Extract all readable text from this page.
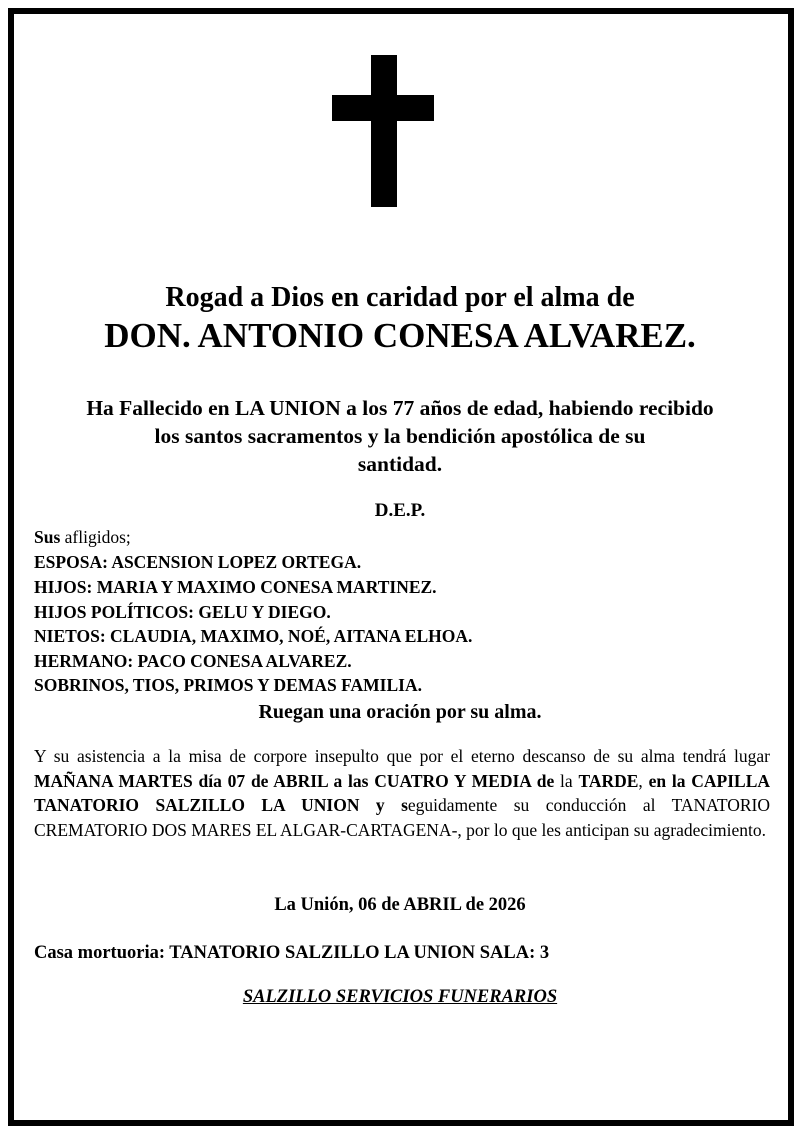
Rogad a Dios en caridad por el alma de
DON. ANTONIO CONESA ALVAREZ.
Ha Fallecido en LA UNION a los 77 años de edad, habiendo recibido
los santos sacramentos y la bendición apostólica de su
santidad.
D.E.P.
Sus afligidos;
ESPOSA: ASCENSION LOPEZ ORTEGA.
HIJOS: MARIA Y MAXIMO CONESA MARTINEZ.
HIJOS POLÍTICOS: GELU Y DIEGO.
NIETOS: CLAUDIA, MAXIMO, NOÉ, AITANA ELHOA.
HERMANO: PACO CONESA ALVAREZ.
SOBRINOS, TIOS, PRIMOS Y DEMAS FAMILIA.
Ruegan una oración por su alma.
Y su asistencia a la misa de corpore insepulto que por el eterno descanso de su alma tendrá lugar MAÑANA MARTES día 07 de ABRIL a las CUATRO Y MEDIA de la TARDE, en la CAPILLA TANATORIO SALZILLO LA UNION y seguidamente su conducción al TANATORIO CREMATORIO DOS MARES EL ALGAR-CARTAGENA-, por lo que les anticipan su agradecimiento.
La Unión, 06 de ABRIL de 2026
Casa mortuoria: TANATORIO SALZILLO LA UNION SALA: 3
SALZILLO SERVICIOS FUNERARIOS
